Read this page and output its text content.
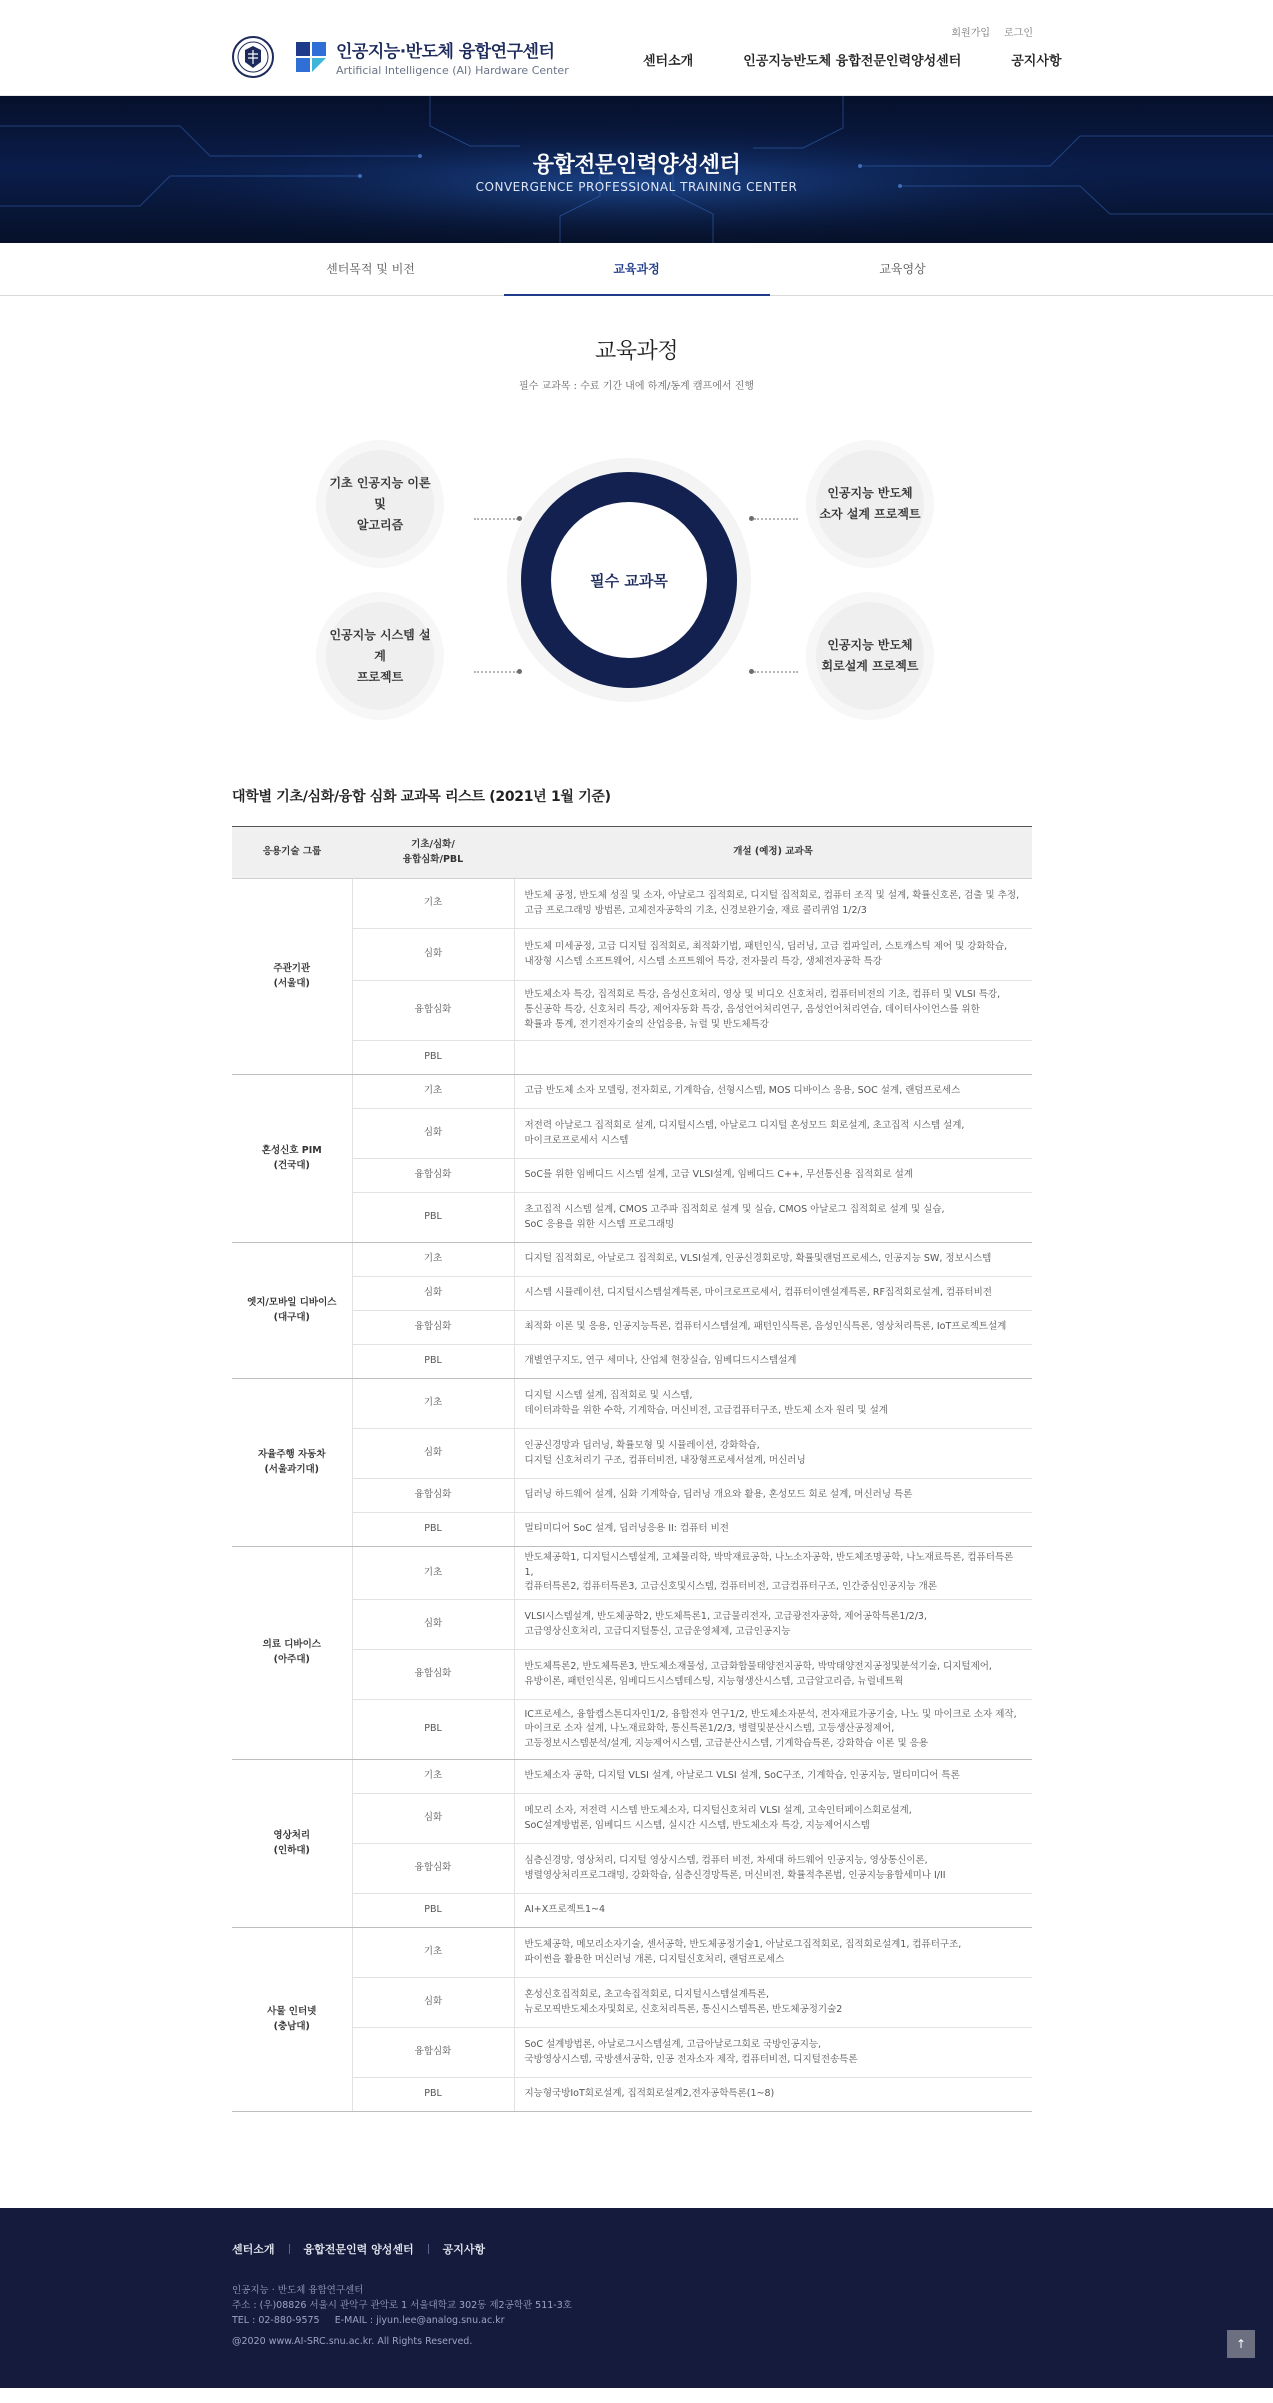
회원가입 로그인
인공지능·반도체 융합연구센터
Artificial Intelligence (AI) Hardware Center
센터소개	인공지능반도체 융합전문인력양성센터	공지사항
융합전문인력양성센터
CONVERGENCE PROFESSIONAL TRAINING CENTER
센터목적 및 비전	교육과정	교육영상
교육과정
필수 교과목 : 수료 기간 내에 하계/동계 캠프에서 진행
기초 인공지능 이론 및
알고리즘
인공지능 반도체
소자 설계 프로젝트
인공지능 시스템 설계
프로젝트
인공지능 반도체
회로설계 프로젝트
필수 교과목
대학별 기초/심화/융합 심화 교과목 리스트 (2021년 1월 기준)
응용기술 그룹	기초/심화/
융합심화/PBL	개설 (예정) 교과목
주관기관
(서울대)	기초	반도체 공정, 반도체 성질 및 소자, 아날로그 집적회로, 디지털 집적회로, 컴퓨터 조직 및 설계, 확률신호론, 검출 및 추정,
고급 프로그래밍 방법론, 고체전자공학의 기초, 신경보완기술, 재료 콜리퀴엄 1/2/3
	심화	반도체 미세공정, 고급 디지털 집적회로, 최적화기법, 패턴인식, 딥러닝, 고급 컴파일러, 스토캐스틱 제어 및 강화학습,
내장형 시스템 소프트웨어, 시스템 소프트웨어 특강, 전자물리 특강, 생체전자공학 특강
	융합심화	반도체소자 특강, 집적회로 특강, 음성신호처리, 영상 및 비디오 신호처리, 컴퓨터비전의 기초, 컴퓨터 및 VLSI 특강,
통신공학 특강, 신호처리 특강, 제어자동화 특강, 음성언어처리연구, 음성언어처리연습, 데이터사이언스를 위한
확률과 통계, 전기전자기술의 산업응용, 뉴럴 및 반도체특강
	PBL	
혼성신호 PIM
(건국대)	기초	고급 반도체 소자 모델링, 전자회로, 기계학습, 선형시스템, MOS 디바이스 응용, SOC 설계, 랜덤프로세스
	심화	저전력 아날로그 집적회로 설계, 디지털시스템, 아날로그 디지털 혼성모드 회로설계, 초고집적 시스템 설계,
마이크로프로세서 시스템
	융합심화	SoC를 위한 임베디드 시스템 설계, 고급 VLSI설계, 임베디드 C++, 무선통신용 집적회로 설계
	PBL	초고집적 시스템 설계, CMOS 고주파 집적회로 설계 및 실습, CMOS 아날로그 집적회로 설계 및 실습,
SoC 응용을 위한 시스템 프로그래밍
엣지/모바일 디바이스
(대구대)	기초	디지털 집적회로, 아날로그 집적회로, VLSI설계, 인공신경회로망, 확률및랜덤프로세스, 인공지능 SW, 정보시스템
	심화	시스템 시뮬레이션, 디지털시스템설계특론, 마이크로프로세서, 컴퓨터이엔설계특론, RF집적회로설계, 컴퓨터비전
	융합심화	최적화 이론 및 응용, 인공지능특론, 컴퓨터시스템설계, 패턴인식특론, 음성인식특론, 영상처리특론, IoT프로젝트설계
	PBL	개별연구지도, 연구 세미나, 산업체 현장실습, 임베디드시스템설계
자율주행 자동차
(서울과기대)	기초	디지털 시스템 설계, 집적회로 및 시스템,
데이터과학을 위한 수학, 기계학습, 머신비전, 고급컴퓨터구조, 반도체 소자 원리 및 설계
	심화	인공신경망과 딥러닝, 확률모형 및 시뮬레이션, 강화학습,
디지털 신호처리기 구조, 컴퓨터비전, 내장형프로세서설계, 머신러닝
	융합심화	딥러닝 하드웨어 설계, 심화 기계학습, 딥러닝 개요와 활용, 혼성모드 회로 설계, 머신러닝 특론
	PBL	멀티미디어 SoC 설계, 딥러닝응용 II: 컴퓨터 비전
의료 디바이스
(아주대)	기초	반도체공학1, 디지털시스템설계, 고체물리학, 박막재료공학, 나노소자공학, 반도체조명공학, 나노재료특론, 컴퓨터특론1,
컴퓨터특론2, 컴퓨터특론3, 고급신호및시스템, 컴퓨터비전, 고급컴퓨터구조, 인간중심인공지능 개론
	심화	VLSI시스템설계, 반도체공학2, 반도체특론1, 고급물리전자, 고급광전자공학, 제어공학특론1/2/3,
고급영상신호처리, 고급디지털통신, 고급운영체제, 고급인공지능
	융합심화	반도체특론2, 반도체특론3, 반도체소재물성, 고급화합물태양전지공학, 박막태양전지공정및분석기술, 디지털제어,
유방이론, 패턴인식론, 임베디드시스템테스팅, 지능형생산시스템, 고급알고리즘, 뉴럴네트웍
	PBL	IC프로세스, 융합캡스톤디자인1/2, 융합전자 연구1/2, 반도체소자분석, 전자재료가공기술, 나노 및 마이크로 소자 제작,
마이크로 소자 설계, 나노재료화학, 통신특론1/2/3, 병렬및분산시스템, 고등생산공정제어,
고등정보시스템분석/설계, 지능제어시스템, 고급분산시스템, 기계학습특론, 강화학습 이론 및 응용
영상처리
(인하대)	기초	반도체소자 공학, 디지털 VLSI 설계, 아날로그 VLSI 설계, SoC구조, 기계학습, 인공지능, 멀티미디어 특론
	심화	메모리 소자, 저전력 시스템 반도체소자, 디지털신호처리 VLSI 설계, 고속인터페이스회로설계,
SoC설계방법론, 임베디드 시스템, 실시간 시스템, 반도체소자 특강, 지능제어시스템
	융합심화	심층신경망, 영상처리, 디지털 영상시스템, 컴퓨터 비전, 차세대 하드웨어 인공지능, 영상통신이론,
병렬영상처리프로그래밍, 강화학습, 심층신경망특론, 머신비전, 확률적추론법, 인공지능융합세미나 I/II
	PBL	AI+X프로젝트1~4
사물 인터넷
(충남대)	기초	반도체공학, 메모리소자기술, 센서공학, 반도체공정기술1, 아날로그집적회로, 집적회로설계1, 컴퓨터구조,
파이썬을 활용한 머신러닝 개론, 디지털신호처리, 랜덤프로세스
	심화	혼성신호집적회로, 초고속집적회로, 디지털시스템설계특론,
뉴로모픽반도체소자및회로, 신호처리특론, 통신시스템특론, 반도체공정기술2
	융합심화	SoC 설계방법론, 아날로그시스템설계, 고급아날로그회로 국방인공지능,
국방영상시스템, 국방센서공학, 인공 전자소자 제작, 컴퓨터비전, 디지털전송특론
	PBL	지능형국방IoT회로설계, 집적회로설계2,전자공학특론(1~8)
센터소개	융합전문인력 양성센터	공지사항
인공지능 · 반도체 융합연구센터
주소 : (우)08826 서울시 관악구 관악로 1 서울대학교 302동 제2공학관 511-3호
TEL : 02-880-9575     E-MAIL : jiyun.lee@analog.snu.ac.kr
@2020 www.AI-SRC.snu.ac.kr. All Rights Reserved.	↑
